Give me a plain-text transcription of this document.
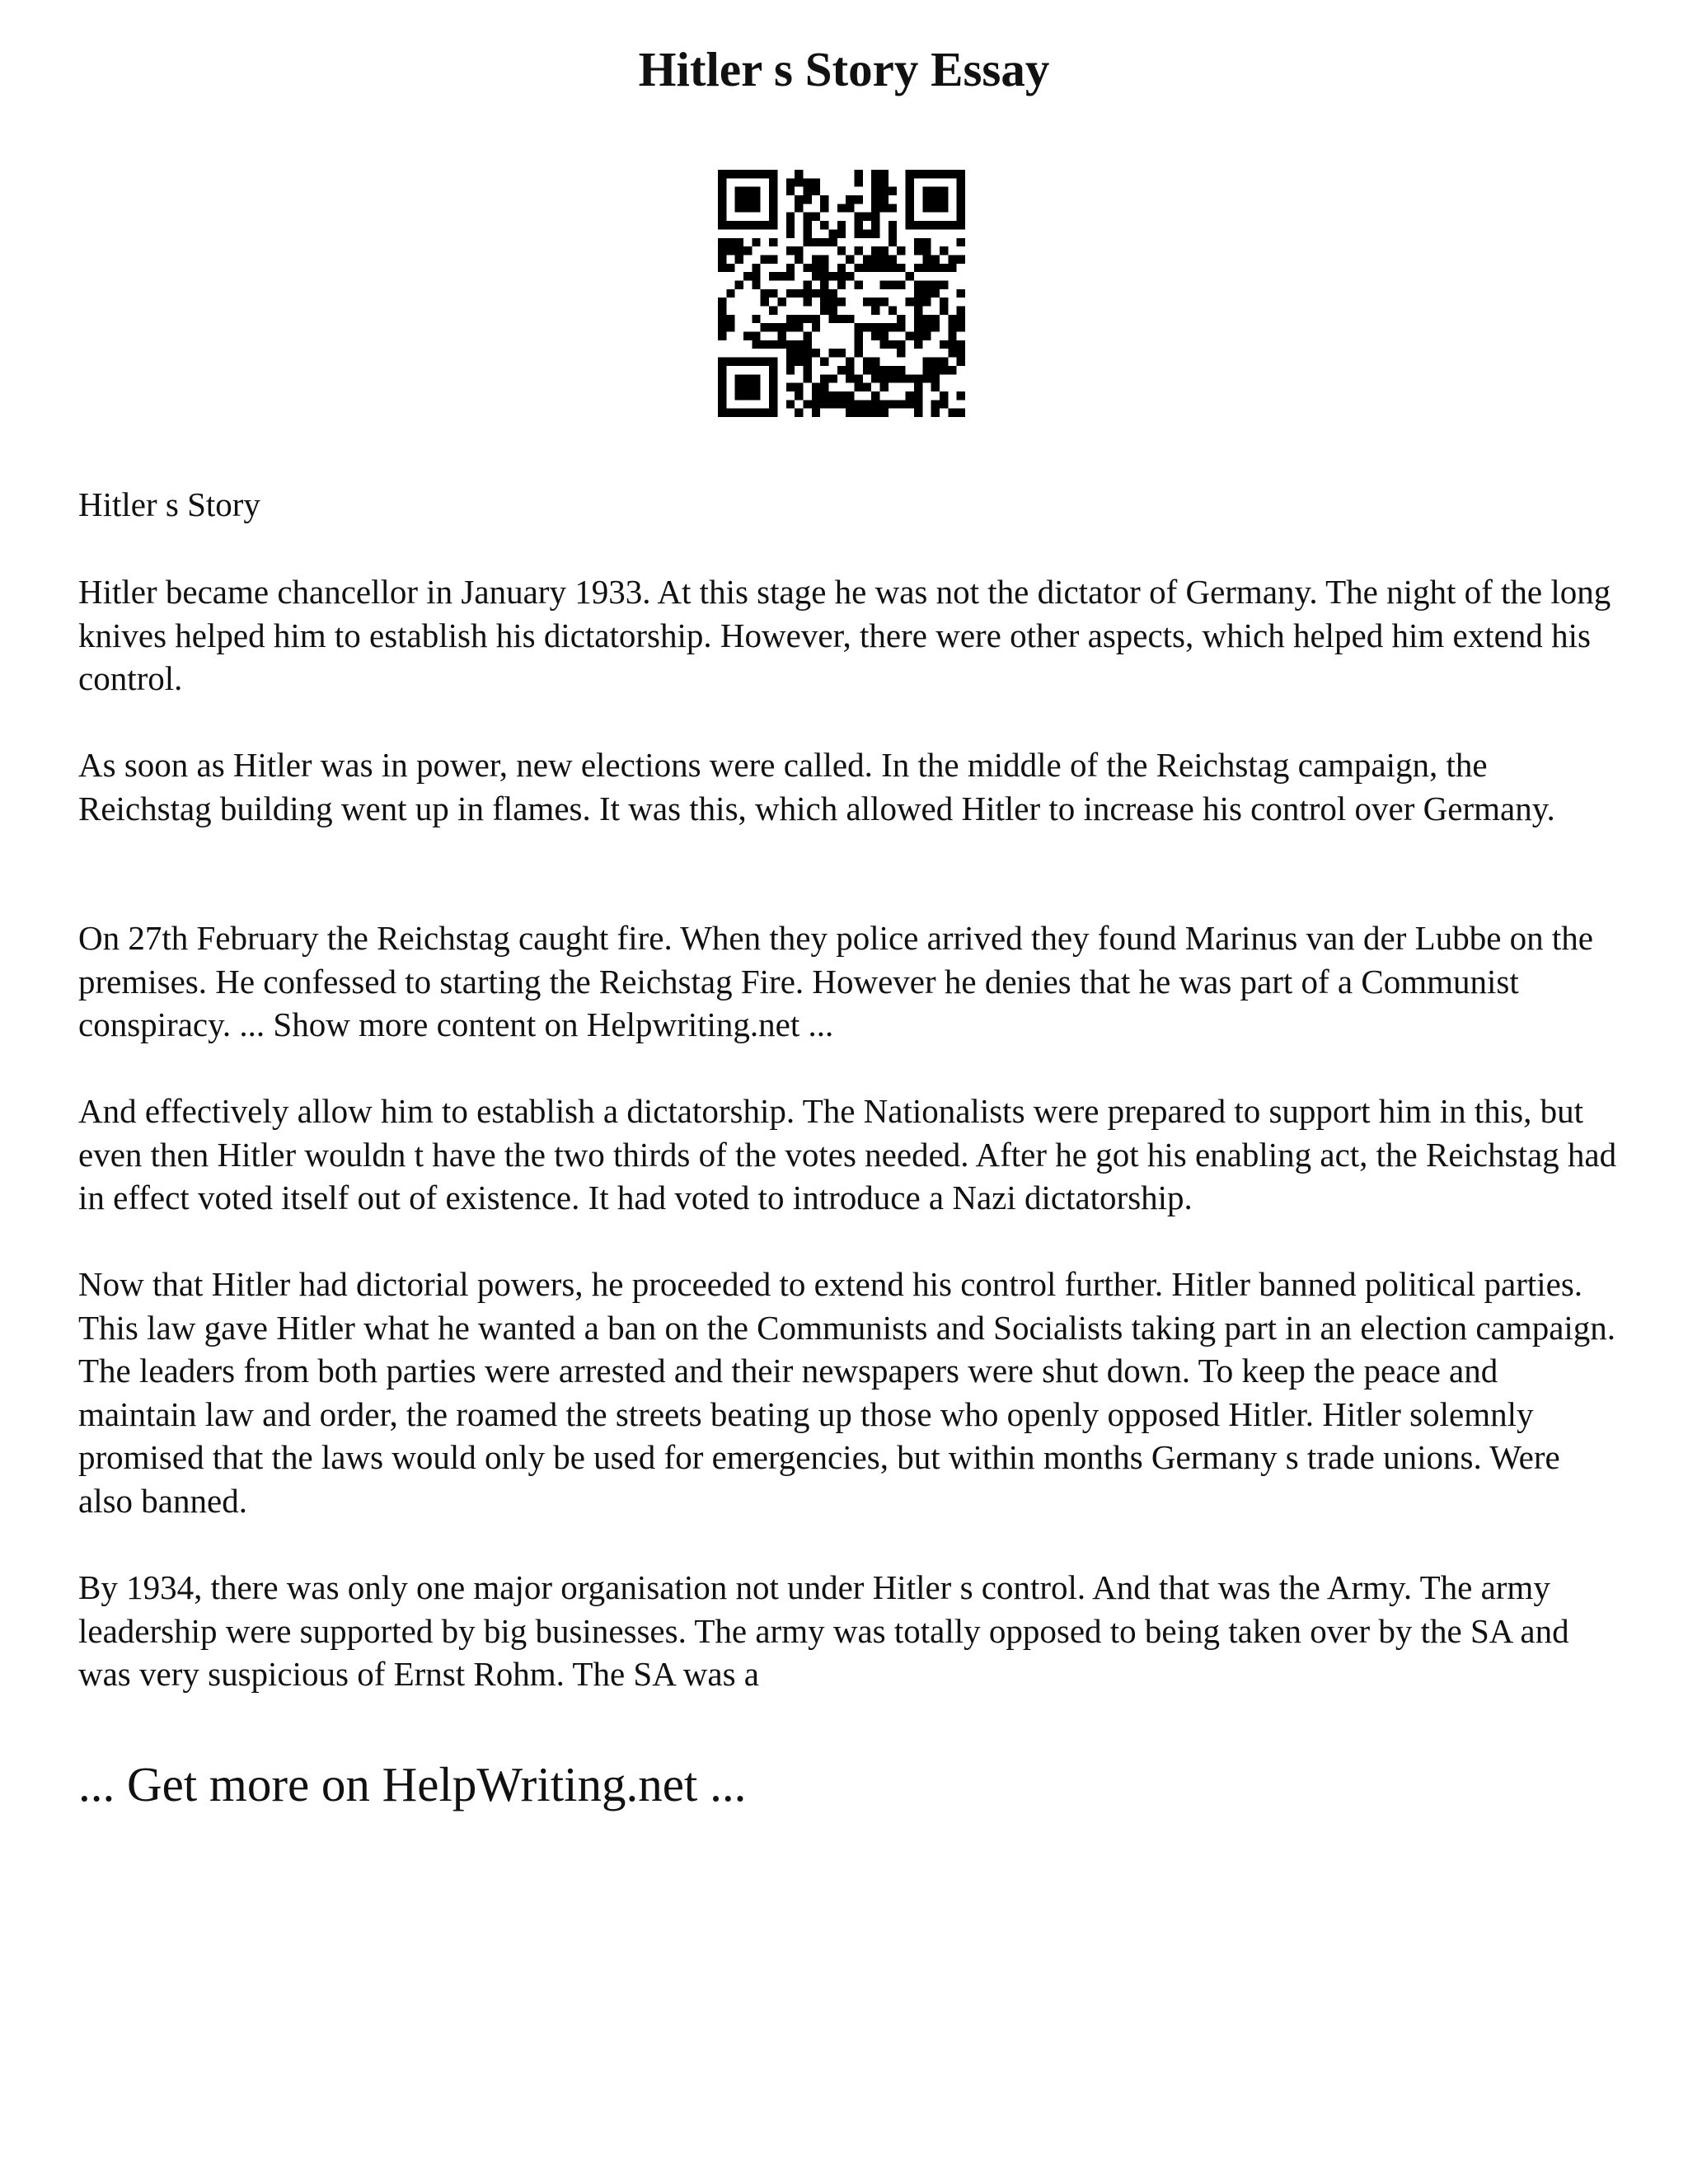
Hitler s Story Essay

Hitler s Story

Hitler became chancellor in January 1933. At this stage he was not the dictator of Germany. The night of the long knives helped him to establish his dictatorship. However, there were other aspects, which helped him extend his control.

As soon as Hitler was in power, new elections were called. In the middle of the Reichstag campaign, the Reichstag building went up in flames. It was this, which allowed Hitler to increase his control over Germany.

On 27th February the Reichstag caught fire. When they police arrived they found Marinus van der Lubbe on the premises. He confessed to starting the Reichstag Fire. However he denies that he was part of a Communist conspiracy. ... Show more content on Helpwriting.net ...

And effectively allow him to establish a dictatorship. The Nationalists were prepared to support him in this, but even then Hitler wouldn t have the two thirds of the votes needed. After he got his enabling act, the Reichstag had in effect voted itself out of existence. It had voted to introduce a Nazi dictatorship.

Now that Hitler had dictorial powers, he proceeded to extend his control further. Hitler banned political parties. This law gave Hitler what he wanted a ban on the Communists and Socialists taking part in an election campaign. The leaders from both parties were arrested and their newspapers were shut down. To keep the peace and maintain law and order, the roamed the streets beating up those who openly opposed Hitler. Hitler solemnly promised that the laws would only be used for emergencies, but within months Germany s trade unions. Were also banned.

By 1934, there was only one major organisation not under Hitler s control. And that was the Army. The army leadership were supported by big businesses. The army was totally opposed to being taken over by the SA and was very suspicious of Ernst Rohm. The SA was a

... Get more on HelpWriting.net ...
